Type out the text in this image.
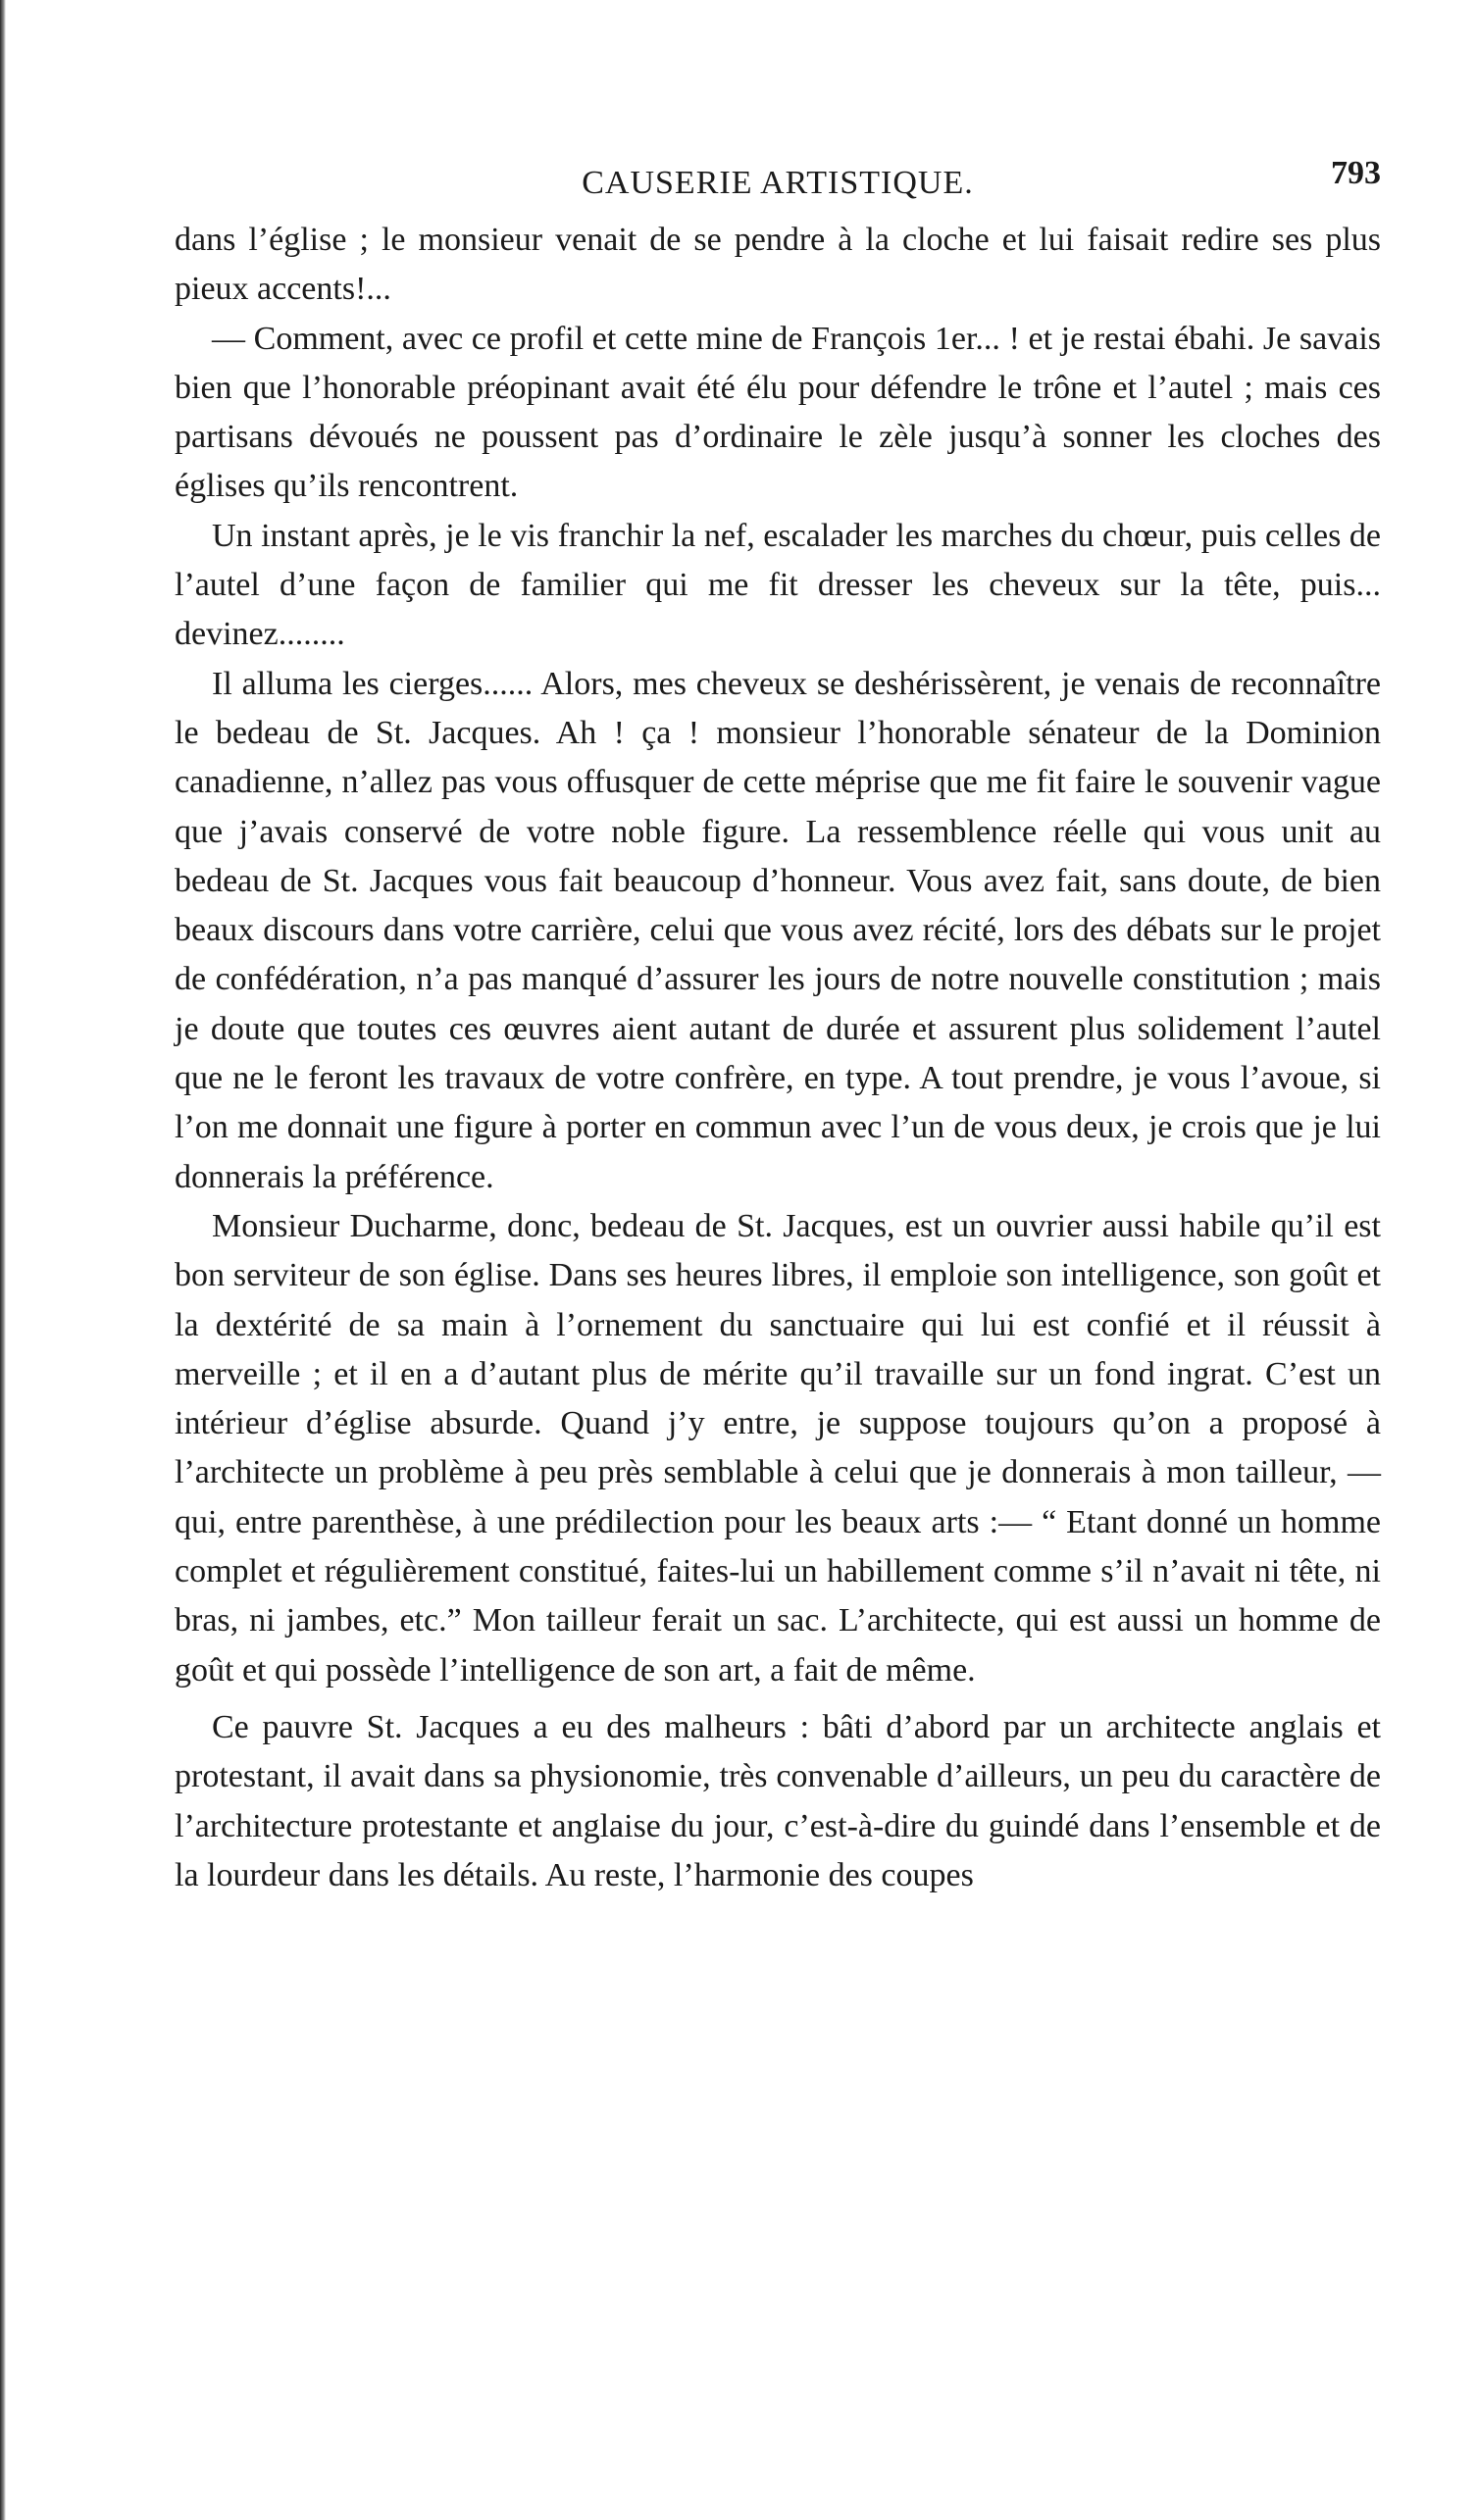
CAUSERIE ARTISTIQUE.	793

dans l’église ; le monsieur venait de se pendre à la cloche et lui faisait redire ses plus pieux accents!...

— Comment, avec ce profil et cette mine de François 1er... ! et je restai ébahi. Je savais bien que l’honorable préopinant avait été élu pour défendre le trône et l’autel ; mais ces partisans dévoués ne poussent pas d’ordinaire le zèle jusqu’à sonner les cloches des églises qu’ils rencontrent.

Un instant après, je le vis franchir la nef, escalader les marches du chœur, puis celles de l’autel d’une façon de familier qui me fit dresser les cheveux sur la tête, puis... devinez........

Il alluma les cierges...... Alors, mes cheveux se deshérissèrent, je venais de reconnaître le bedeau de St. Jacques. Ah ! ça ! monsieur l’honorable sénateur de la Dominion canadienne, n’allez pas vous offusquer de cette méprise que me fit faire le souvenir vague que j’avais conservé de votre noble figure. La ressemblence réelle qui vous unit au bedeau de St. Jacques vous fait beaucoup d’honneur. Vous avez fait, sans doute, de bien beaux discours dans votre carrière, celui que vous avez récité, lors des débats sur le projet de confédération, n’a pas manqué d’assurer les jours de notre nouvelle constitution ; mais je doute que toutes ces œuvres aient autant de durée et assurent plus solidement l’autel que ne le feront les travaux de votre confrère, en type. A tout prendre, je vous l’avoue, si l’on me donnait une figure à porter en commun avec l’un de vous deux, je crois que je lui donnerais la préférence.

Monsieur Ducharme, donc, bedeau de St. Jacques, est un ouvrier aussi habile qu’il est bon serviteur de son église. Dans ses heures libres, il emploie son intelligence, son goût et la dextérité de sa main à l’ornement du sanctuaire qui lui est confié et il réussit à merveille ; et il en a d’autant plus de mérite qu’il travaille sur un fond ingrat. C’est un intérieur d’église absurde. Quand j’y entre, je suppose toujours qu’on a proposé à l’architecte un problème à peu près semblable à celui que je donnerais à mon tailleur, —qui, entre parenthèse, à une prédilection pour les beaux arts :— “ Etant donné un homme complet et régulièrement constitué, faites-lui un habillement comme s’il n’avait ni tête, ni bras, ni jambes, etc.” Mon tailleur ferait un sac. L’architecte, qui est aussi un homme de goût et qui possède l’intelligence de son art, a fait de même.

Ce pauvre St. Jacques a eu des malheurs : bâti d’abord par un architecte anglais et protestant, il avait dans sa physionomie, très convenable d’ailleurs, un peu du caractère de l’architecture protestante et anglaise du jour, c’est-à-dire du guindé dans l’ensemble et de la lourdeur dans les détails. Au reste, l’harmonie des coupes
